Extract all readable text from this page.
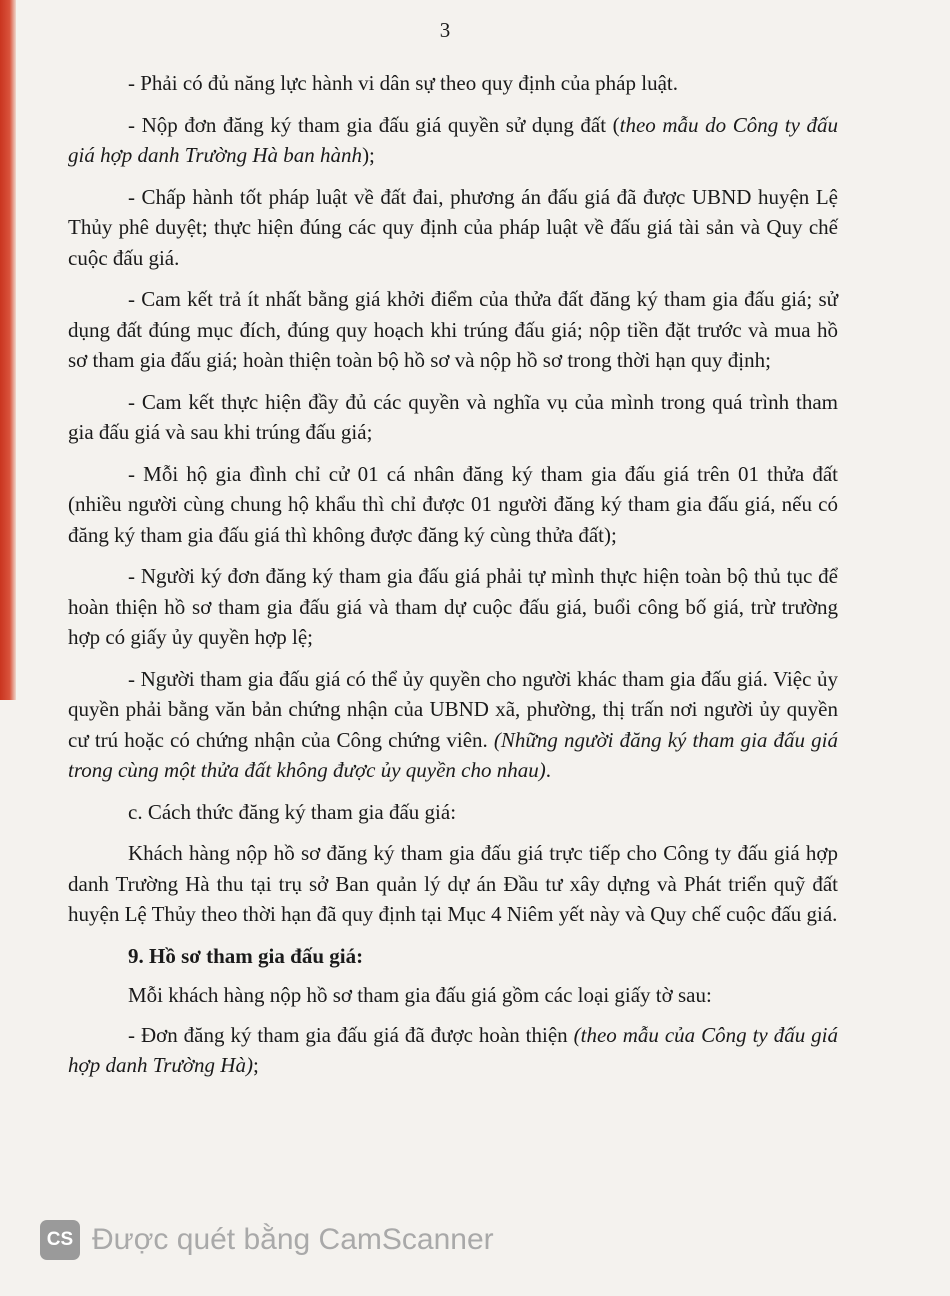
3

- Phải có đủ năng lực hành vi dân sự theo quy định của pháp luật.

- Nộp đơn đăng ký tham gia đấu giá quyền sử dụng đất (theo mẫu do Công ty đấu giá hợp danh Trường Hà ban hành);

- Chấp hành tốt pháp luật về đất đai, phương án đấu giá đã được UBND huyện Lệ Thủy phê duyệt; thực hiện đúng các quy định của pháp luật về đấu giá tài sản và Quy chế cuộc đấu giá.

- Cam kết trả ít nhất bằng giá khởi điểm của thửa đất đăng ký tham gia đấu giá; sử dụng đất đúng mục đích, đúng quy hoạch khi trúng đấu giá; nộp tiền đặt trước và mua hồ sơ tham gia đấu giá; hoàn thiện toàn bộ hồ sơ và nộp hồ sơ trong thời hạn quy định;

- Cam kết thực hiện đầy đủ các quyền và nghĩa vụ của mình trong quá trình tham gia đấu giá và sau khi trúng đấu giá;

- Mỗi hộ gia đình chỉ cử 01 cá nhân đăng ký tham gia đấu giá trên 01 thửa đất (nhiều người cùng chung hộ khẩu thì chỉ được 01 người đăng ký tham gia đấu giá, nếu có đăng ký tham gia đấu giá thì không được đăng ký cùng thửa đất);

- Người ký đơn đăng ký tham gia đấu giá phải tự mình thực hiện toàn bộ thủ tục để hoàn thiện hồ sơ tham gia đấu giá và tham dự cuộc đấu giá, buổi công bố giá, trừ trường hợp có giấy ủy quyền hợp lệ;

- Người tham gia đấu giá có thể ủy quyền cho người khác tham gia đấu giá. Việc ủy quyền phải bằng văn bản chứng nhận của UBND xã, phường, thị trấn nơi người ủy quyền cư trú hoặc có chứng nhận của Công chứng viên. (Những người đăng ký tham gia đấu giá trong cùng một thửa đất không được ủy quyền cho nhau).

c. Cách thức đăng ký tham gia đấu giá:

Khách hàng nộp hồ sơ đăng ký tham gia đấu giá trực tiếp cho Công ty đấu giá hợp danh Trường Hà thu tại trụ sở Ban quản lý dự án Đầu tư xây dựng và Phát triển quỹ đất huyện Lệ Thủy theo thời hạn đã quy định tại Mục 4 Niêm yết này và Quy chế cuộc đấu giá.

9. Hồ sơ tham gia đấu giá:

Mỗi khách hàng nộp hồ sơ tham gia đấu giá gồm các loại giấy tờ sau:

- Đơn đăng ký tham gia đấu giá đã được hoàn thiện (theo mẫu của Công ty đấu giá hợp danh Trường Hà);

CS Được quét bằng CamScanner
